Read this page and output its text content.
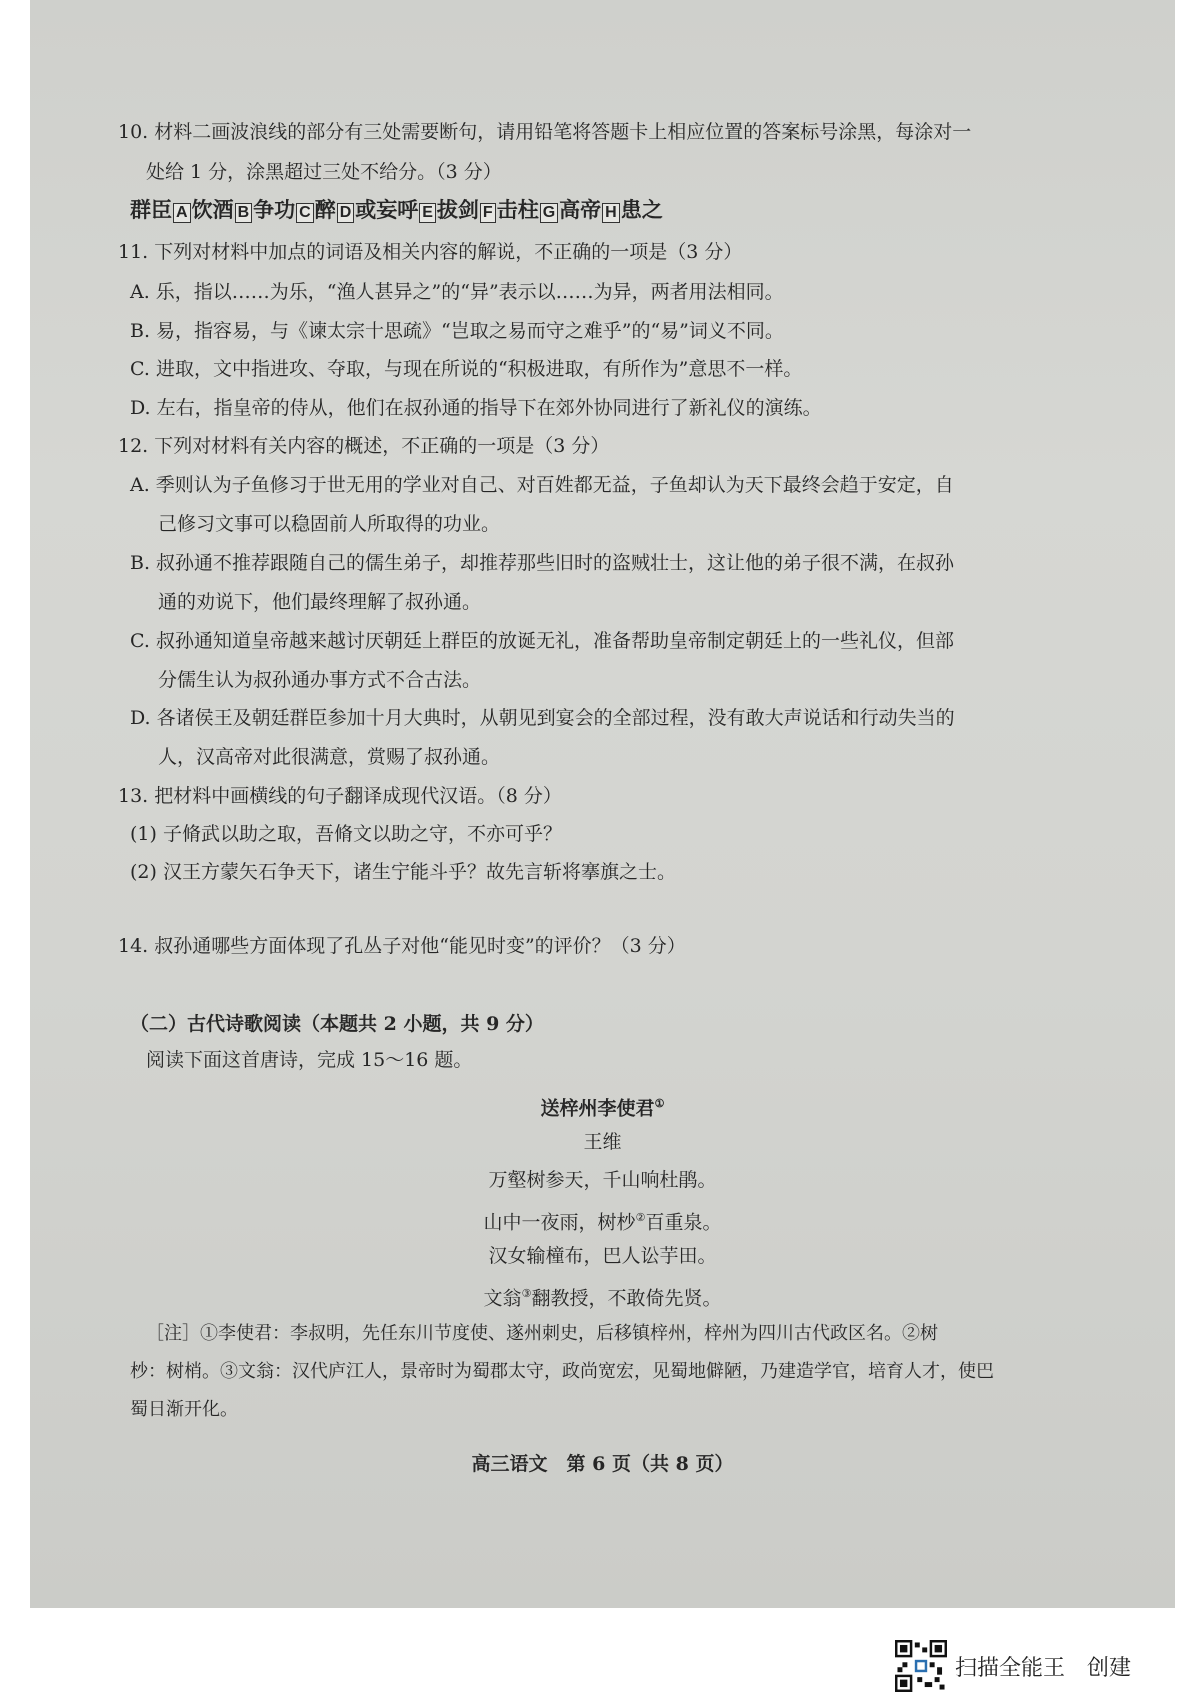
10. 材料二画波浪线的部分有三处需要断句，请用铅笔将答题卡上相应位置的答案标号涂黑，每涂对一
处给 1 分，涂黑超过三处不给分。（3 分）
群臣 A 饮酒 B 争功 C 醉 D 或妄呼 E 拔剑 F 击柱 G 高帝 H 患之
11. 下列对材料中加点的词语及相关内容的解说，不正确的一项是（3 分）
A. 乐，指以……为乐，“渔人甚异之”的“异”表示以……为异，两者用法相同。
B. 易，指容易，与《谏太宗十思疏》“岂取之易而守之难乎”的“易”词义不同。
C. 进取，文中指进攻、夺取，与现在所说的“积极进取，有所作为”意思不一样。
D. 左右，指皇帝的侍从，他们在叔孙通的指导下在郊外协同进行了新礼仪的演练。
12. 下列对材料有关内容的概述，不正确的一项是（3 分）
A. 季则认为子鱼修习于世无用的学业对自己、对百姓都无益，子鱼却认为天下最终会趋于安定，自
己修习文事可以稳固前人所取得的功业。
B. 叔孙通不推荐跟随自己的儒生弟子，却推荐那些旧时的盗贼壮士，这让他的弟子很不满，在叔孙
通的劝说下，他们最终理解了叔孙通。
C. 叔孙通知道皇帝越来越讨厌朝廷上群臣的放诞无礼，准备帮助皇帝制定朝廷上的一些礼仪，但部
分儒生认为叔孙通办事方式不合古法。
D. 各诸侯王及朝廷群臣参加十月大典时，从朝见到宴会的全部过程，没有敢大声说话和行动失当的
人，汉高帝对此很满意，赏赐了叔孙通。
13. 把材料中画横线的句子翻译成现代汉语。（8 分）
(1) 子脩武以助之取，吾脩文以助之守，不亦可乎？
(2) 汉王方蒙矢石争天下，诸生宁能斗乎？故先言斩将搴旗之士。
14. 叔孙通哪些方面体现了孔丛子对他“能见时变”的评价？（3 分）
（二）古代诗歌阅读（本题共 2 小题，共 9 分）
阅读下面这首唐诗，完成 15～16 题。
送梓州李使君①
王维
万壑树参天，千山响杜鹃。
山中一夜雨，树杪②百重泉。
汉女输橦布，巴人讼芋田。
文翁③翻教授，不敢倚先贤。
［注］①李使君：李叔明，先任东川节度使、遂州刺史，后移镇梓州，梓州为四川古代政区名。②树
杪：树梢。③文翁：汉代庐江人，景帝时为蜀郡太守，政尚宽宏，见蜀地僻陋，乃建造学官，培育人才，使巴
蜀日渐开化。
高三语文　第 6 页（共 8 页）
扫描全能王　创建
